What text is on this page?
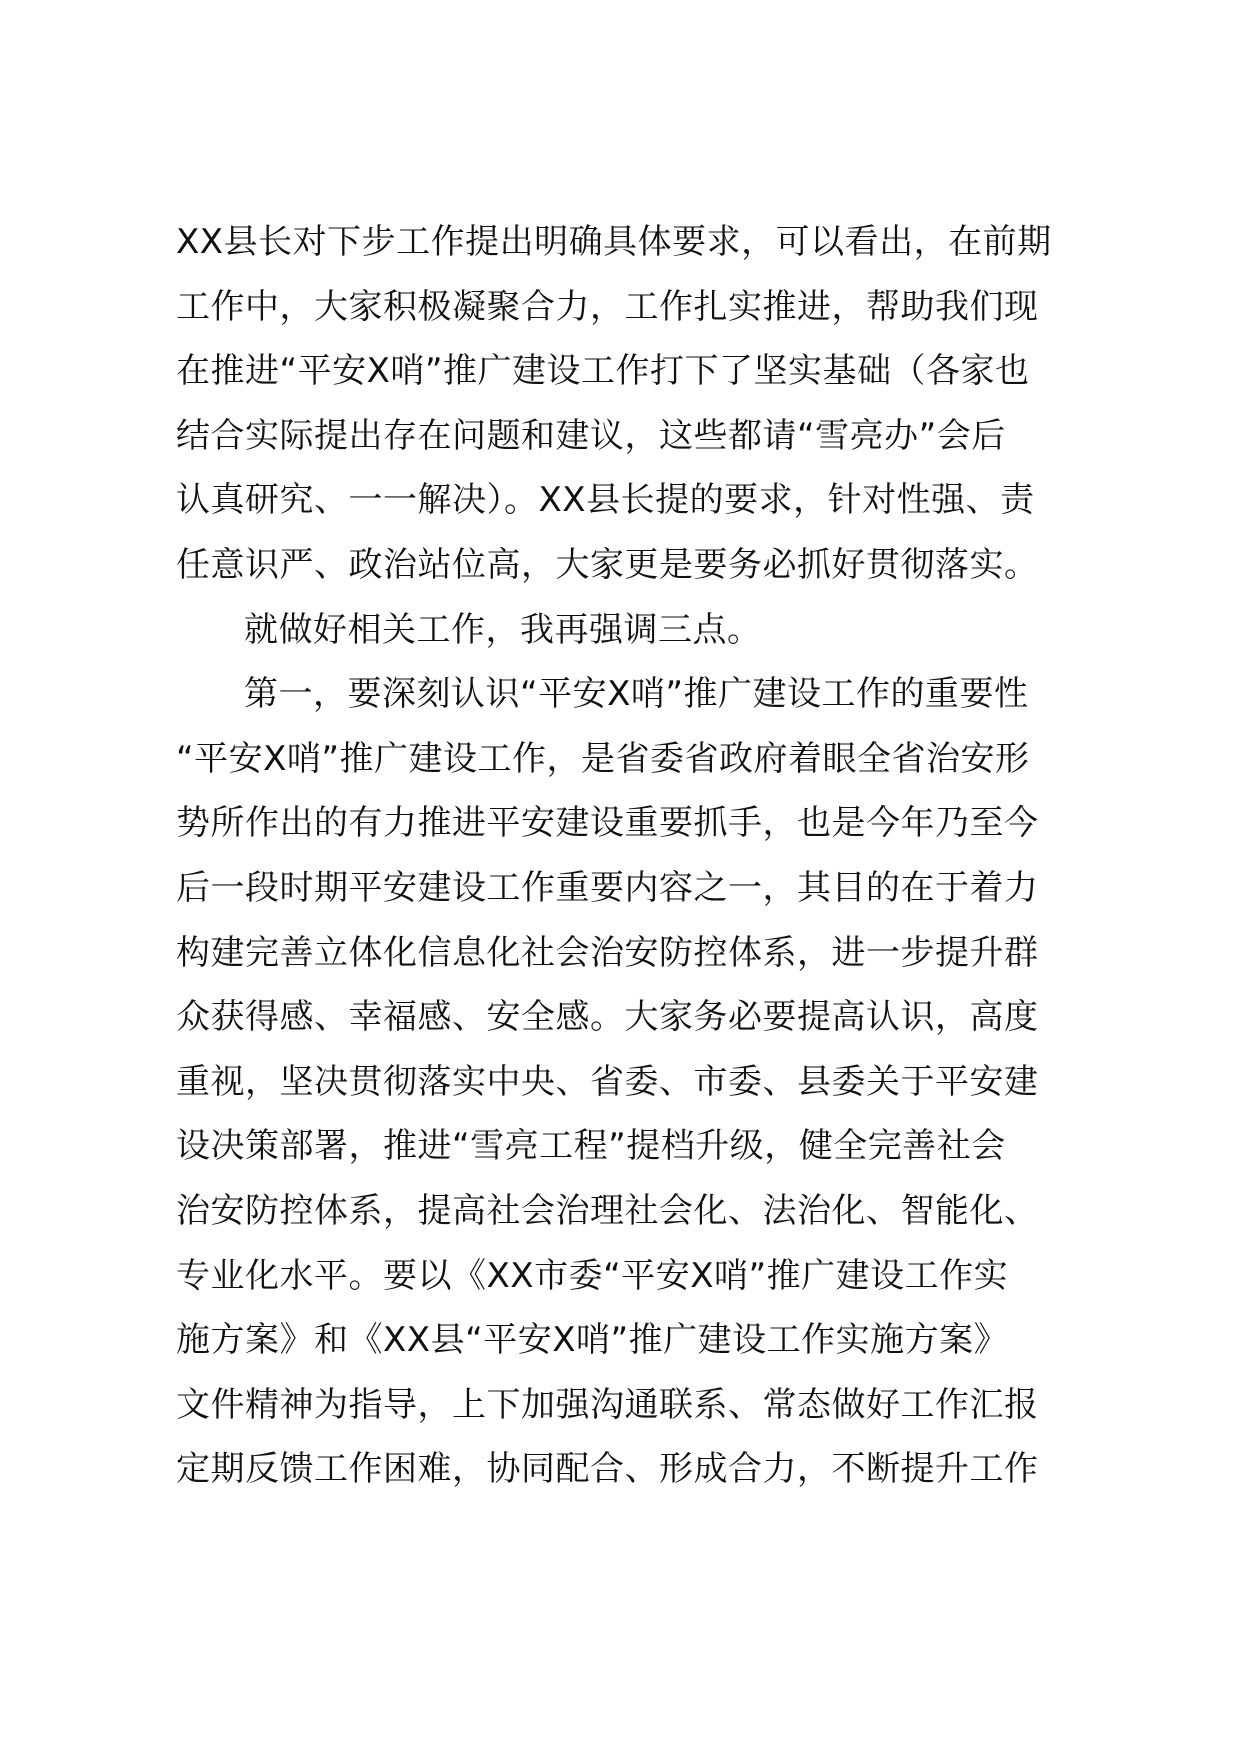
XX县长对下步工作提出明确具体要求，可以看出，在前期
工作中，大家积极凝聚合力，工作扎实推进，帮助我们现
在推进“平安X哨”推广建设工作打下了坚实基础（各家也
结合实际提出存在问题和建议，这些都请“雪亮办”会后
认真研究、一一解决）。XX县长提的要求，针对性强、责
任意识严、政治站位高，大家更是要务必抓好贯彻落实。
就做好相关工作，我再强调三点。
第一，要深刻认识“平安X哨”推广建设工作的重要性
“平安X哨”推广建设工作，是省委省政府着眼全省治安形
势所作出的有力推进平安建设重要抓手，也是今年乃至今
后一段时期平安建设工作重要内容之一，其目的在于着力
构建完善立体化信息化社会治安防控体系，进一步提升群
众获得感、幸福感、安全感。大家务必要提高认识，高度
重视，坚决贯彻落实中央、省委、市委、县委关于平安建
设决策部署，推进“雪亮工程”提档升级，健全完善社会
治安防控体系，提高社会治理社会化、法治化、智能化、
专业化水平。要以《XX市委“平安X哨”推广建设工作实
施方案》和《XX县“平安X哨”推广建设工作实施方案》
文件精神为指导，上下加强沟通联系、常态做好工作汇报
定期反馈工作困难，协同配合、形成合力，不断提升工作
